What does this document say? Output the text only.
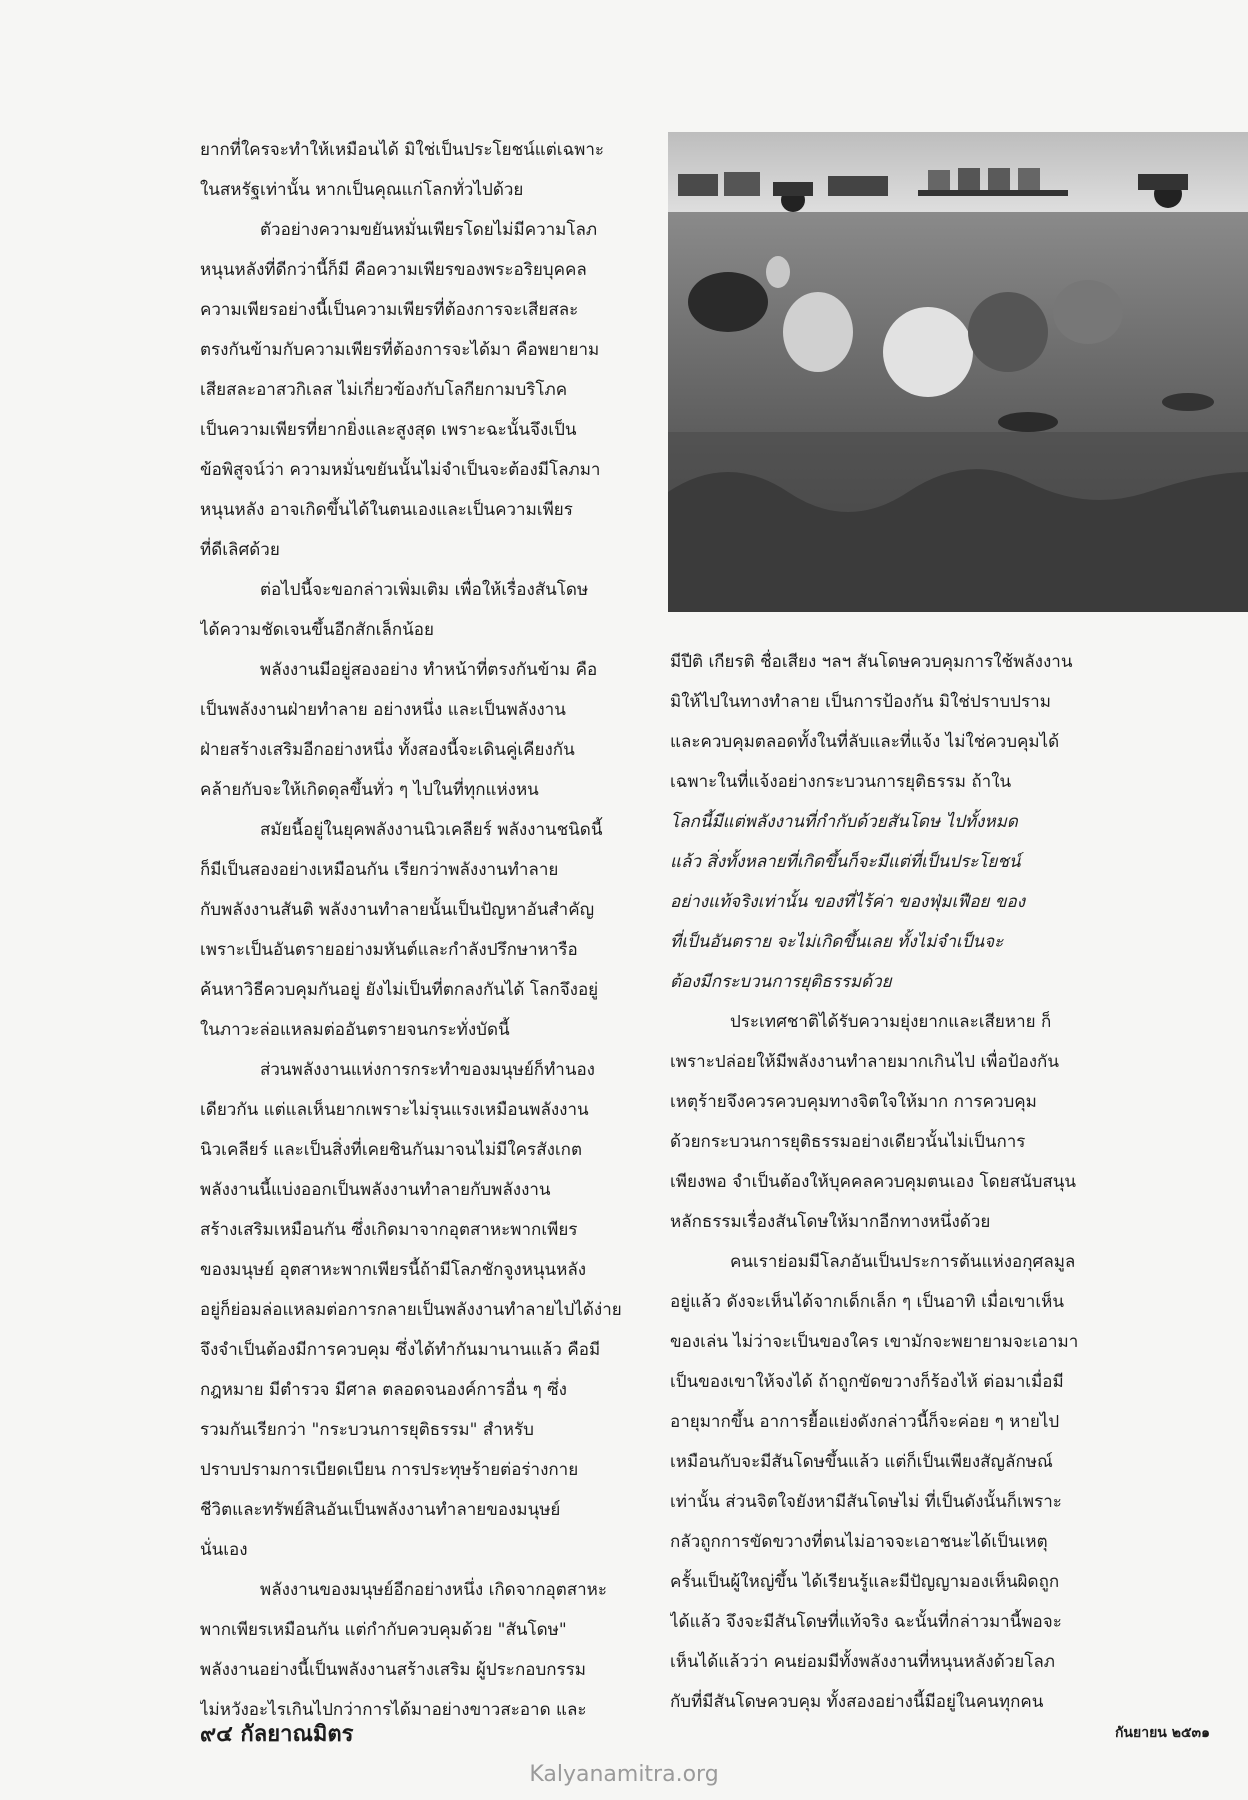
ยากที่ใครจะทำให้เหมือนได้ มิใช่เป็นประโยชน์แต่เฉพาะ
ในสหรัฐเท่านั้น หากเป็นคุณแก่โลกทั่วไปด้วย
ตัวอย่างความขยันหมั่นเพียรโดยไม่มีความโลภ
หนุนหลังที่ดีกว่านี้ก็มี คือความเพียรของพระอริยบุคคล
ความเพียรอย่างนี้เป็นความเพียรที่ต้องการจะเสียสละ
ตรงกันข้ามกับความเพียรที่ต้องการจะได้มา คือพยายาม
เสียสละอาสวกิเลส ไม่เกี่ยวข้องกับโลกียกามบริโภค
เป็นความเพียรที่ยากยิ่งและสูงสุด เพราะฉะนั้นจึงเป็น
ข้อพิสูจน์ว่า ความหมั่นขยันนั้นไม่จำเป็นจะต้องมีโลภมา
หนุนหลัง อาจเกิดขึ้นได้ในตนเองและเป็นความเพียร
ที่ดีเลิศด้วย
ต่อไปนี้จะขอกล่าวเพิ่มเติม เพื่อให้เรื่องสันโดษ
ได้ความชัดเจนขึ้นอีกสักเล็กน้อย
พลังงานมีอยู่สองอย่าง ทำหน้าที่ตรงกันข้าม คือ
เป็นพลังงานฝ่ายทำลาย อย่างหนึ่ง และเป็นพลังงาน
ฝ่ายสร้างเสริมอีกอย่างหนึ่ง ทั้งสองนี้จะเดินคู่เคียงกัน
คล้ายกับจะให้เกิดดุลขึ้นทั่ว ๆ ไปในที่ทุกแห่งหน
สมัยนี้อยู่ในยุคพลังงานนิวเคลียร์ พลังงานชนิดนี้
ก็มีเป็นสองอย่างเหมือนกัน เรียกว่าพลังงานทำลาย
กับพลังงานสันติ พลังงานทำลายนั้นเป็นปัญหาอันสำคัญ
เพราะเป็นอันตรายอย่างมหันต์และกำลังปรึกษาหารือ
ค้นหาวิธีควบคุมกันอยู่ ยังไม่เป็นที่ตกลงกันได้ โลกจึงอยู่
ในภาวะล่อแหลมต่ออันตรายจนกระทั่งบัดนี้
ส่วนพลังงานแห่งการกระทำของมนุษย์ก็ทำนอง
เดียวกัน แต่แลเห็นยากเพราะไม่รุนแรงเหมือนพลังงาน
นิวเคลียร์ และเป็นสิ่งที่เคยชินกันมาจนไม่มีใครสังเกต
พลังงานนี้แบ่งออกเป็นพลังงานทำลายกับพลังงาน
สร้างเสริมเหมือนกัน ซึ่งเกิดมาจากอุตสาหะพากเพียร
ของมนุษย์ อุตสาหะพากเพียรนี้ถ้ามีโลภชักจูงหนุนหลัง
อยู่ก็ย่อมล่อแหลมต่อการกลายเป็นพลังงานทำลายไปได้ง่าย
จึงจำเป็นต้องมีการควบคุม ซึ่งได้ทำกันมานานแล้ว คือมี
กฎหมาย มีตำรวจ มีศาล ตลอดจนองค์การอื่น ๆ ซึ่ง
รวมกันเรียกว่า "กระบวนการยุติธรรม" สำหรับ
ปราบปรามการเบียดเบียน การประทุษร้ายต่อร่างกาย
ชีวิตและทรัพย์สินอันเป็นพลังงานทำลายของมนุษย์
นั่นเอง
พลังงานของมนุษย์อีกอย่างหนึ่ง เกิดจากอุตสาหะ
พากเพียรเหมือนกัน แต่กำกับควบคุมด้วย "สันโดษ"
พลังงานอย่างนี้เป็นพลังงานสร้างเสริม ผู้ประกอบกรรม
ไม่หวังอะไรเกินไปกว่าการได้มาอย่างขาวสะอาด และ
มีปีติ เกียรติ ชื่อเสียง ฯลฯ สันโดษควบคุมการใช้พลังงาน
มิให้ไปในทางทำลาย เป็นการป้องกัน มิใช่ปราบปราม
และควบคุมตลอดทั้งในที่ลับและที่แจ้ง ไม่ใช่ควบคุมได้
เฉพาะในที่แจ้งอย่างกระบวนการยุติธรรม ถ้าใน
โลกนี้มีแต่พลังงานที่กำกับด้วยสันโดษ ไปทั้งหมด
แล้ว สิ่งทั้งหลายที่เกิดขึ้นก็จะมีแต่ที่เป็นประโยชน์
อย่างแท้จริงเท่านั้น ของที่ไร้ค่า ของฟุ่มเฟือย ของ
ที่เป็นอันตราย จะไม่เกิดขึ้นเลย ทั้งไม่จำเป็นจะ
ต้องมีกระบวนการยุติธรรมด้วย
ประเทศชาติได้รับความยุ่งยากและเสียหาย ก็
เพราะปล่อยให้มีพลังงานทำลายมากเกินไป เพื่อป้องกัน
เหตุร้ายจึงควรควบคุมทางจิตใจให้มาก การควบคุม
ด้วยกระบวนการยุติธรรมอย่างเดียวนั้นไม่เป็นการ
เพียงพอ จำเป็นต้องให้บุคคลควบคุมตนเอง โดยสนับสนุน
หลักธรรมเรื่องสันโดษให้มากอีกทางหนึ่งด้วย
คนเราย่อมมีโลภอันเป็นประการต้นแห่งอกุศลมูล
อยู่แล้ว ดังจะเห็นได้จากเด็กเล็ก ๆ เป็นอาทิ เมื่อเขาเห็น
ของเล่น ไม่ว่าจะเป็นของใคร เขามักจะพยายามจะเอามา
เป็นของเขาให้จงได้ ถ้าถูกขัดขวางก็ร้องไห้ ต่อมาเมื่อมี
อายุมากขึ้น อาการยื้อแย่งดังกล่าวนี้ก็จะค่อย ๆ หายไป
เหมือนกับจะมีสันโดษขึ้นแล้ว แต่ก็เป็นเพียงสัญลักษณ์
เท่านั้น ส่วนจิตใจยังหามีสันโดษไม่ ที่เป็นดังนั้นก็เพราะ
กลัวถูกการขัดขวางที่ตนไม่อาจจะเอาชนะได้เป็นเหตุ
ครั้นเป็นผู้ใหญ่ขึ้น ได้เรียนรู้และมีปัญญามองเห็นผิดถูก
ได้แล้ว จึงจะมีสันโดษที่แท้จริง ฉะนั้นที่กล่าวมานี้พอจะ
เห็นได้แล้วว่า คนย่อมมีทั้งพลังงานที่หนุนหลังด้วยโลภ
กับที่มีสันโดษควบคุม ทั้งสองอย่างนี้มีอยู่ในคนทุกคน
๙๔ กัลยาณมิตร	กันยายน ๒๕๓๑
Kalyanamitra.org
